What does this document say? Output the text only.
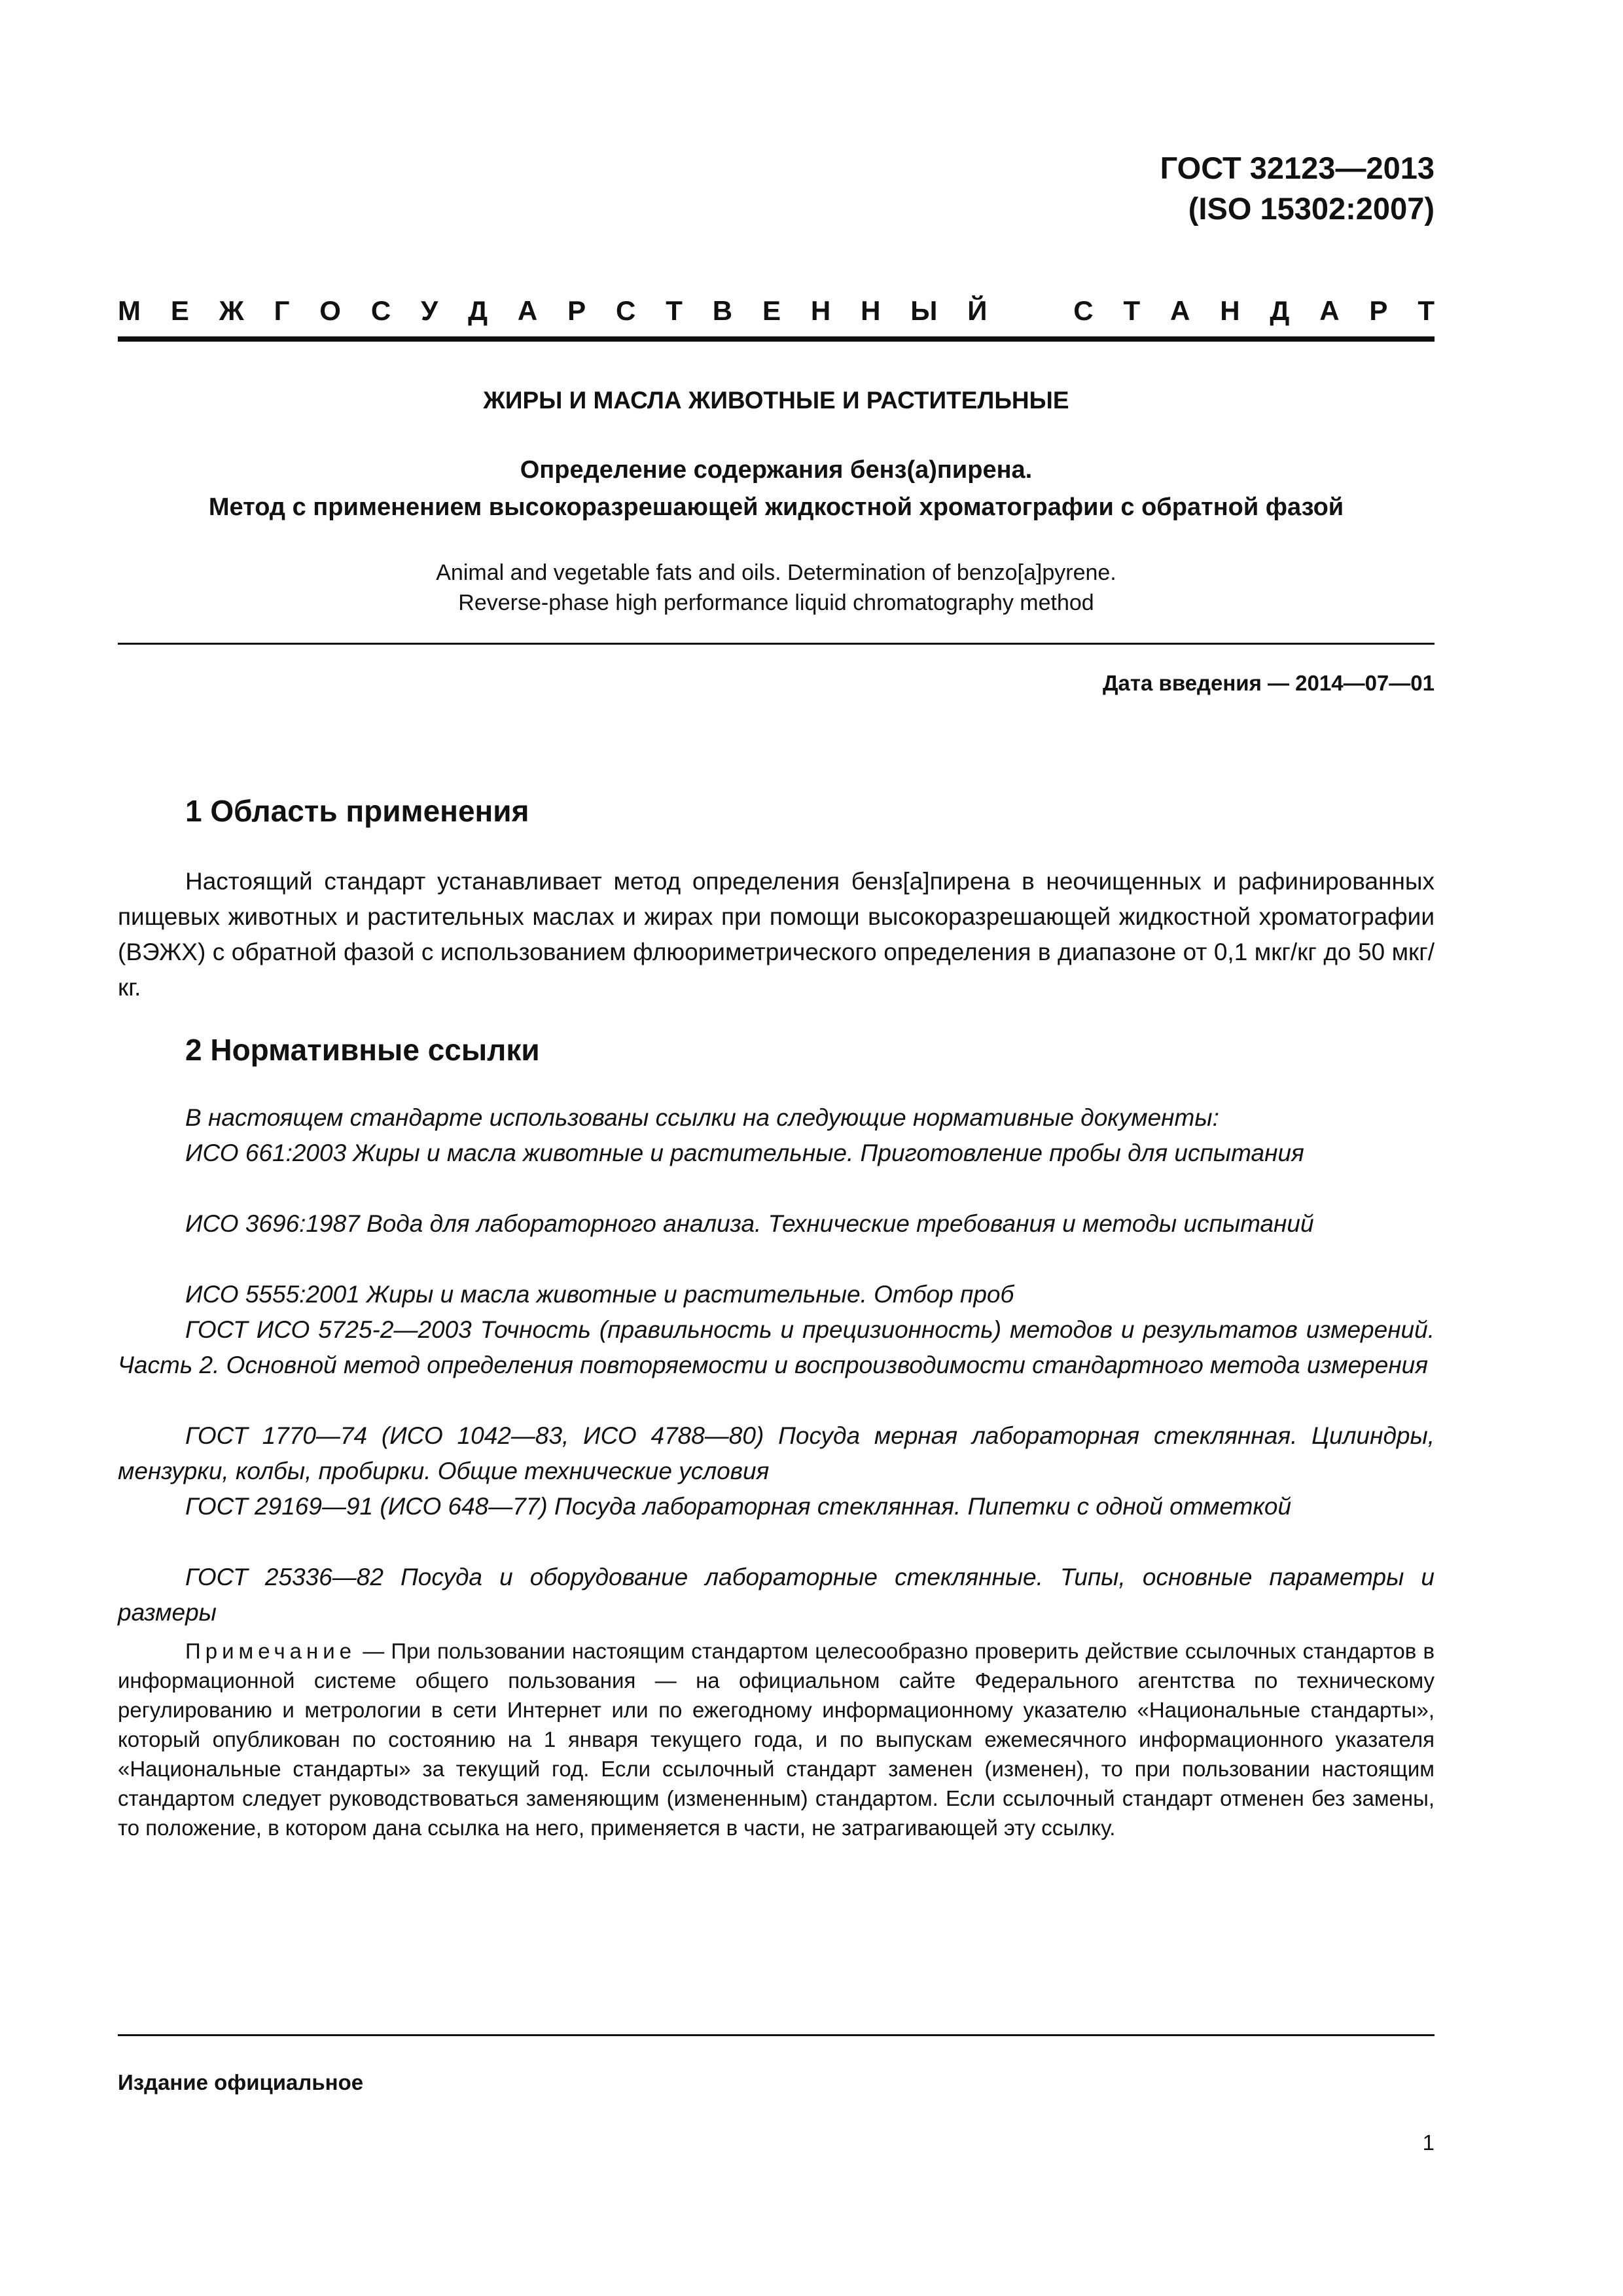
ГОСТ 32123—2013
(ISO 15302:2007)
М Е Ж Г О С У Д А Р С Т В Е Н Н Ы Й	С Т А Н Д А Р Т
ЖИРЫ И МАСЛА ЖИВОТНЫЕ И РАСТИТЕЛЬНЫЕ
Определение содержания бенз(а)пирена.
Метод с применением высокоразрешающей жидкостной хроматографии с обратной фазой
Animal and vegetable fats and oils. Determination of benzo[a]pyrene.
Reverse-phase high performance liquid chromatography method
Дата введения — 2014—07—01
1 Область применения
Настоящий стандарт устанавливает метод определения бенз[а]пирена в неочищенных и рафинированных пищевых животных и растительных маслах и жирах при помощи высокоразрешающей жидкостной хроматографии (ВЭЖХ) с обратной фазой с использованием флюориметрического определения в диапазоне от 0,1 мкг/кг до 50 мкг/кг.
2 Нормативные ссылки
В настоящем стандарте использованы ссылки на следующие нормативные документы:
ИСО 661:2003 Жиры и масла животные и растительные. Приготовление пробы для испытания
ИСО 3696:1987 Вода для лабораторного анализа. Технические требования и методы испытаний
ИСО 5555:2001 Жиры и масла животные и растительные. Отбор проб
ГОСТ ИСО 5725-2—2003 Точность (правильность и прецизионность) методов и результатов измерений. Часть 2. Основной метод определения повторяемости и воспроизводимости стандартного метода измерения
ГОСТ 1770—74 (ИСО 1042—83, ИСО 4788—80) Посуда мерная лабораторная стеклянная. Цилиндры, мензурки, колбы, пробирки. Общие технические условия
ГОСТ 29169—91 (ИСО 648—77) Посуда лабораторная стеклянная. Пипетки с одной отметкой
ГОСТ 25336—82 Посуда и оборудование лабораторные стеклянные. Типы, основные параметры и размеры
Примечание — При пользовании настоящим стандартом целесообразно проверить действие ссылочных стандартов в информационной системе общего пользования — на официальном сайте Федерального агентства по техническому регулированию и метрологии в сети Интернет или по ежегодному информационному указателю «Национальные стандарты», который опубликован по состоянию на 1 января текущего года, и по выпускам ежемесячного информационного указателя «Национальные стандарты» за текущий год. Если ссылочный стандарт заменен (изменен), то при пользовании настоящим стандартом следует руководствоваться заменяющим (измененным) стандартом. Если ссылочный стандарт отменен без замены, то положение, в котором дана ссылка на него, применяется в части, не затрагивающей эту ссылку.
Издание официальное
1
